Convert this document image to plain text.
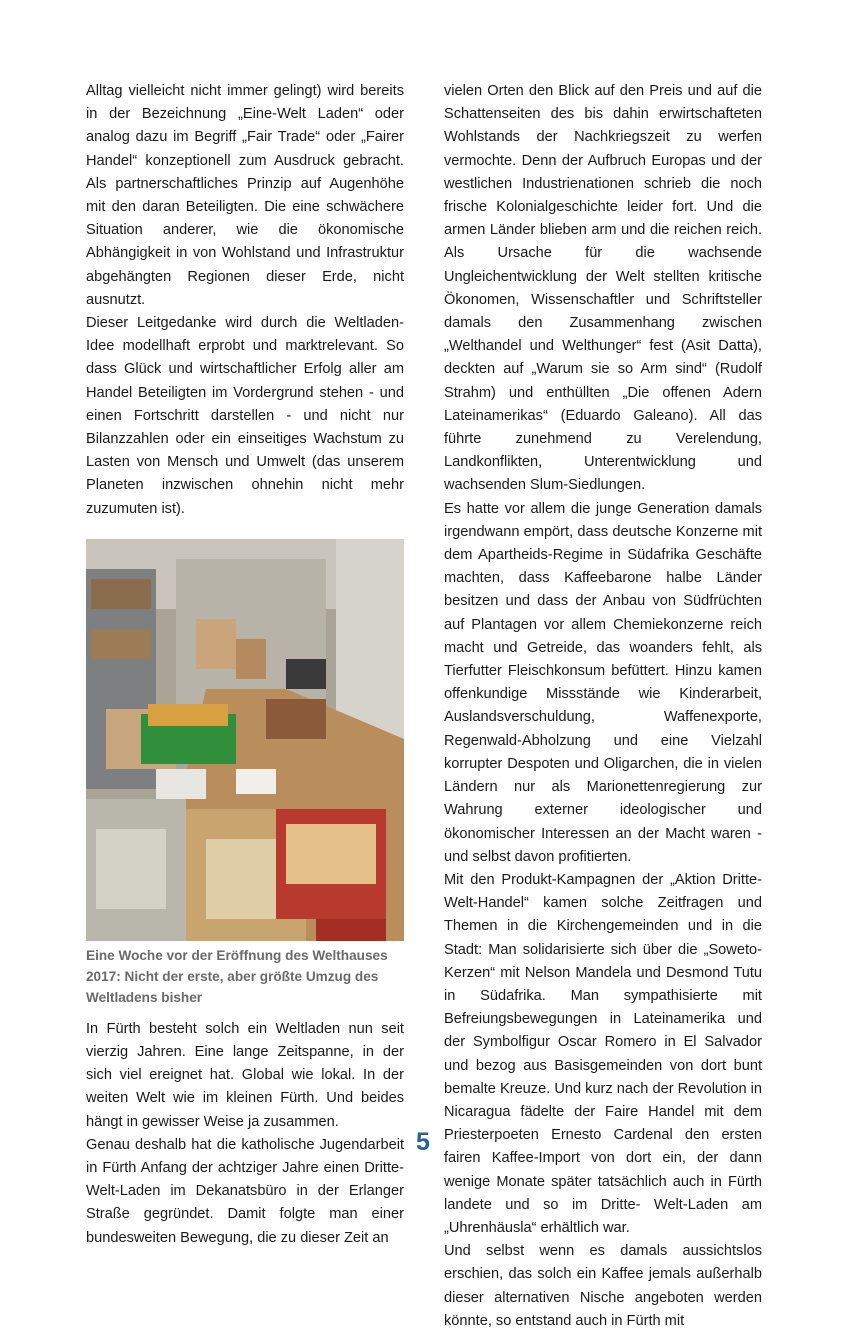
Alltag vielleicht nicht immer gelingt) wird bereits in der Bezeichnung „Eine-Welt Laden“ oder analog dazu im Begriff „Fair Trade“ oder „Fairer Handel“ konzeptionell zum Ausdruck gebracht. Als partnerschaftliches Prinzip auf Augenhöhe mit den daran Beteiligten. Die eine schwächere Situation anderer, wie die ökonomische Abhängigkeit in von Wohlstand und Infrastruktur abgehängten Regionen dieser Erde, nicht ausnutzt.

Dieser Leitgedanke wird durch die Weltladen-Idee modellhaft erprobt und marktrelevant. So dass Glück und wirtschaftlicher Erfolg aller am Handel Beteiligten im Vordergrund stehen - und einen Fortschritt darstellen - und nicht nur Bilanzzahlen oder ein einseitiges Wachstum zu Lasten von Mensch und Umwelt (das unserem Planeten inzwischen ohnehin nicht mehr zuzumuten ist).

Eine Woche vor der Eröffnung des Welthauses 2017: Nicht der erste, aber größte Umzug des Weltladens bisher

In Fürth besteht solch ein Weltladen nun seit vierzig Jahren. Eine lange Zeitspanne, in der sich viel ereignet hat. Global wie lokal. In der weiten Welt wie im kleinen Fürth. Und beides hängt in gewisser Weise ja zusammen.

Genau deshalb hat die katholische Jugendarbeit in Fürth Anfang der achtziger Jahre einen Dritte-Welt-Laden im Dekanatsbüro in der Erlanger Straße gegründet. Damit folgte man einer bundesweiten Bewegung, die zu dieser Zeit an

vielen Orten den Blick auf den Preis und auf die Schattenseiten des bis dahin erwirtschafteten Wohlstands der Nachkriegszeit zu werfen vermochte. Denn der Aufbruch Europas und der westlichen Industrienationen schrieb die noch frische Kolonialgeschichte leider fort. Und die armen Länder blieben arm und die reichen reich. Als Ursache für die wachsende Ungleichentwicklung der Welt stellten kritische Ökonomen, Wissenschaftler und Schriftsteller damals den Zusammenhang zwischen „Welthandel und Welthunger“ fest (Asit Datta), deckten auf „Warum sie so Arm sind“ (Rudolf Strahm) und enthüllten „Die offenen Adern Lateinamerikas“ (Eduardo Galeano). All das führte zunehmend zu Verelendung, Landkonflikten, Unterentwicklung und wachsenden Slum-Siedlungen.

Es hatte vor allem die junge Generation damals irgendwann empört, dass deutsche Konzerne mit dem Apartheids-Regime in Südafrika Geschäfte machten, dass Kaffeebarone halbe Länder besitzen und dass der Anbau von Südfrüchten auf Plantagen vor allem Chemiekonzerne reich macht und Getreide, das woanders fehlt, als Tierfutter Fleischkonsum befüttert. Hinzu kamen offenkundige Missstände wie Kinderarbeit, Auslandsverschuldung, Waffenexporte, Regenwald-Abholzung und eine Vielzahl korrupter Despoten und Oligarchen, die in vielen Ländern nur als Marionettenregierung zur Wahrung externer ideologischer und ökonomischer Interessen an der Macht waren - und selbst davon profitierten.

Mit den Produkt-Kampagnen der „Aktion Dritte-Welt-Handel“ kamen solche Zeitfragen und Themen in die Kirchengemeinden und in die Stadt: Man solidarisierte sich über die „Soweto-Kerzen“ mit Nelson Mandela und Desmond Tutu in Südafrika. Man sympathisierte mit Befreiungsbewegungen in Lateinamerika und der Symbolfigur Oscar Romero in El Salvador und bezog aus Basisgemeinden von dort bunt bemalte Kreuze. Und kurz nach der Revolution in Nicaragua fädelte der Faire Handel mit dem Priesterpoeten Ernesto Cardenal den ersten fairen Kaffee-Import von dort ein, der dann wenige Monate später tatsächlich auch in Fürth landete und so im Dritte- Welt-Laden am „Uhrenhäusla“ erhältlich war.

Und selbst wenn es damals aussichtslos erschien, das solch ein Kaffee jemals außerhalb dieser alternativen Nische angeboten werden könnte, so entstand auch in Fürth mit

5
